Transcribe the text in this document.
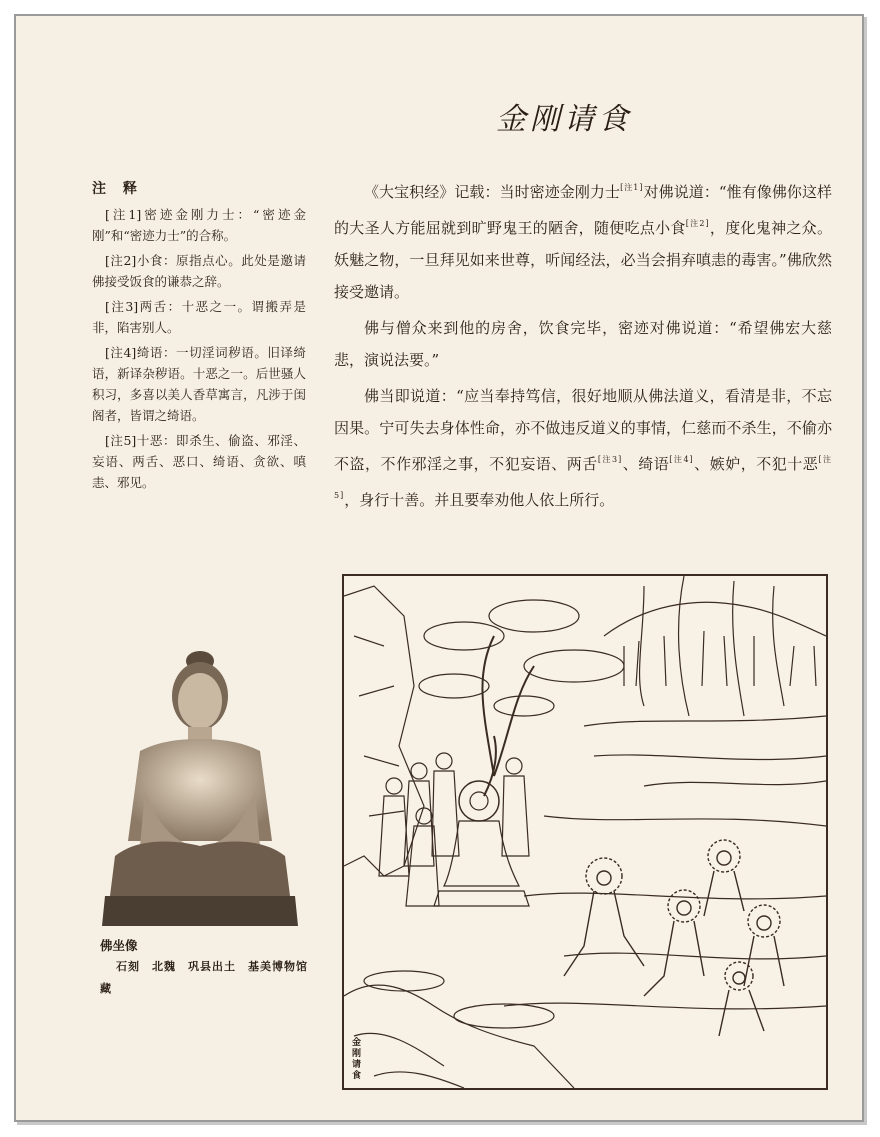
金刚请食
注 释
[注1]密迹金刚力士：“密迹金刚”和“密迹力士”的合称。
[注2]小食：原指点心。此处是邀请佛接受饭食的谦恭之辞。
[注3]两舌：十恶之一。谓搬弄是非，陷害别人。
[注4]绮语：一切淫词秽语。旧译绮语，新译杂秽语。十恶之一。后世骚人积习，多喜以美人香草寓言，凡涉于闺阁者，皆谓之绮语。
[注5]十恶：即杀生、偷盗、邪淫、妄语、两舌、恶口、绮语、贪欲、嗔恚、邪见。

《大宝积经》记载：当时密迹金刚力士[注1]对佛说道：“惟有像佛你这样的大圣人方能屈就到旷野鬼王的陋舍，随便吃点小食[注2]，度化鬼神之众。妖魅之物，一旦拜见如来世尊，听闻经法，必当会捐弃嗔恚的毒害。”佛欣然接受邀请。

佛与僧众来到他的房舍，饮食完毕，密迹对佛说道：“希望佛宏大慈悲，演说法要。”

佛当即说道：“应当奉持笃信，很好地顺从佛法道义，看清是非，不忘因果。宁可失去身体性命，亦不做违反道义的事情，仁慈而不杀生，不偷亦不盗，不作邪淫之事，不犯妄语、两舌[注3]、绮语[注4]、嫉妒，不犯十恶[注5]，身行十善。并且要奉劝他人依上所行。

金刚请食
佛坐像
石刻　北魏　巩县出土　基美博物馆藏
